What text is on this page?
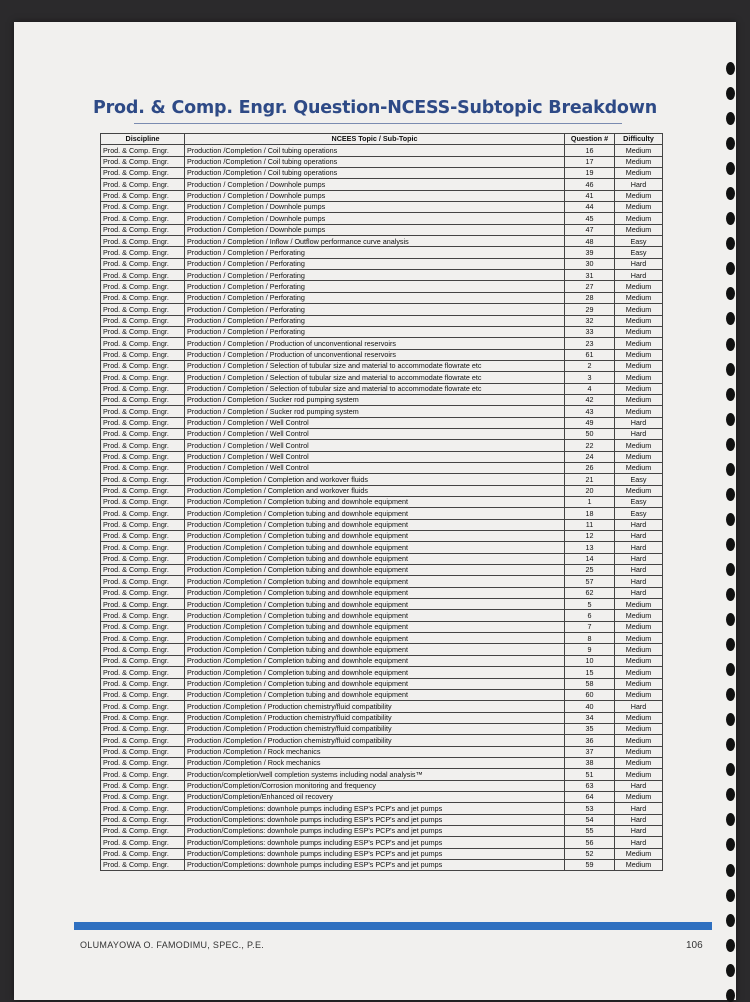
Prod. & Comp. Engr. Question-NCESS-Subtopic Breakdown
Discipline	NCEES Topic / Sub-Topic	Question #	Difficulty
Prod. & Comp. Engr.	Production /Completion / Coil tubing operations	16	Medium
Prod. & Comp. Engr.	Production /Completion / Coil tubing operations	17	Medium
Prod. & Comp. Engr.	Production /Completion / Coil tubing operations	19	Medium
Prod. & Comp. Engr.	Production / Completion / Downhole pumps	46	Hard
Prod. & Comp. Engr.	Production / Completion / Downhole pumps	41	Medium
Prod. & Comp. Engr.	Production / Completion / Downhole pumps	44	Medium
Prod. & Comp. Engr.	Production / Completion / Downhole pumps	45	Medium
Prod. & Comp. Engr.	Production / Completion / Downhole pumps	47	Medium
Prod. & Comp. Engr.	Production / Completion / Inflow / Outflow performance curve analysis	48	Easy
Prod. & Comp. Engr.	Production / Completion / Perforating	39	Easy
Prod. & Comp. Engr.	Production / Completion / Perforating	30	Hard
Prod. & Comp. Engr.	Production / Completion / Perforating	31	Hard
Prod. & Comp. Engr.	Production / Completion / Perforating	27	Medium
Prod. & Comp. Engr.	Production / Completion / Perforating	28	Medium
Prod. & Comp. Engr.	Production / Completion / Perforating	29	Medium
Prod. & Comp. Engr.	Production / Completion / Perforating	32	Medium
Prod. & Comp. Engr.	Production / Completion / Perforating	33	Medium
Prod. & Comp. Engr.	Production / Completion / Production of unconventional reservoirs	23	Medium
Prod. & Comp. Engr.	Production / Completion / Production of unconventional reservoirs	61	Medium
Prod. & Comp. Engr.	Production / Completion / Selection of tubular size and material to accommodate flowrate etc	2	Medium
Prod. & Comp. Engr.	Production / Completion / Selection of tubular size and material to accommodate flowrate etc	3	Medium
Prod. & Comp. Engr.	Production / Completion / Selection of tubular size and material to accommodate flowrate etc	4	Medium
Prod. & Comp. Engr.	Production / Completion / Sucker rod pumping system	42	Medium
Prod. & Comp. Engr.	Production / Completion / Sucker rod pumping system	43	Medium
Prod. & Comp. Engr.	Production / Completion / Well Control	49	Hard
Prod. & Comp. Engr.	Production / Completion / Well Control	50	Hard
Prod. & Comp. Engr.	Production / Completion / Well Control	22	Medium
Prod. & Comp. Engr.	Production / Completion / Well Control	24	Medium
Prod. & Comp. Engr.	Production / Completion / Well Control	26	Medium
Prod. & Comp. Engr.	Production /Completion / Completion and workover fluids	21	Easy
Prod. & Comp. Engr.	Production /Completion / Completion and workover fluids	20	Medium
Prod. & Comp. Engr.	Production /Completion / Completion tubing and downhole equipment	1	Easy
Prod. & Comp. Engr.	Production /Completion / Completion tubing and downhole equipment	18	Easy
Prod. & Comp. Engr.	Production /Completion / Completion tubing and downhole equipment	11	Hard
Prod. & Comp. Engr.	Production /Completion / Completion tubing and downhole equipment	12	Hard
Prod. & Comp. Engr.	Production /Completion / Completion tubing and downhole equipment	13	Hard
Prod. & Comp. Engr.	Production /Completion / Completion tubing and downhole equipment	14	Hard
Prod. & Comp. Engr.	Production /Completion / Completion tubing and downhole equipment	25	Hard
Prod. & Comp. Engr.	Production /Completion / Completion tubing and downhole equipment	57	Hard
Prod. & Comp. Engr.	Production /Completion / Completion tubing and downhole equipment	62	Hard
Prod. & Comp. Engr.	Production /Completion / Completion tubing and downhole equipment	5	Medium
Prod. & Comp. Engr.	Production /Completion / Completion tubing and downhole equipment	6	Medium
Prod. & Comp. Engr.	Production /Completion / Completion tubing and downhole equipment	7	Medium
Prod. & Comp. Engr.	Production /Completion / Completion tubing and downhole equipment	8	Medium
Prod. & Comp. Engr.	Production /Completion / Completion tubing and downhole equipment	9	Medium
Prod. & Comp. Engr.	Production /Completion / Completion tubing and downhole equipment	10	Medium
Prod. & Comp. Engr.	Production /Completion / Completion tubing and downhole equipment	15	Medium
Prod. & Comp. Engr.	Production /Completion / Completion tubing and downhole equipment	58	Medium
Prod. & Comp. Engr.	Production /Completion / Completion tubing and downhole equipment	60	Medium
Prod. & Comp. Engr.	Production /Completion / Production chemistry/fluid compatibility	40	Hard
Prod. & Comp. Engr.	Production /Completion / Production chemistry/fluid compatibility	34	Medium
Prod. & Comp. Engr.	Production /Completion / Production chemistry/fluid compatibility	35	Medium
Prod. & Comp. Engr.	Production /Completion / Production chemistry/fluid compatibility	36	Medium
Prod. & Comp. Engr.	Production /Completion / Rock mechanics	37	Medium
Prod. & Comp. Engr.	Production /Completion / Rock mechanics	38	Medium
Prod. & Comp. Engr.	Production/completion/well completion systems including nodal analysis™	51	Medium
Prod. & Comp. Engr.	Production/Completion/Corrosion monitoring and frequency	63	Hard
Prod. & Comp. Engr.	Production/Completion/Enhanced oil recovery	64	Medium
Prod. & Comp. Engr.	Production/Completions: downhole pumps including ESP's PCP's and jet pumps	53	Hard
Prod. & Comp. Engr.	Production/Completions: downhole pumps including ESP's PCP's and jet pumps	54	Hard
Prod. & Comp. Engr.	Production/Completions: downhole pumps including ESP's PCP's and jet pumps	55	Hard
Prod. & Comp. Engr.	Production/Completions: downhole pumps including ESP's PCP's and jet pumps	56	Hard
Prod. & Comp. Engr.	Production/Completions: downhole pumps including ESP's PCP's and jet pumps	52	Medium
Prod. & Comp. Engr.	Production/Completions: downhole pumps including ESP's PCP's and jet pumps	59	Medium
OLUMAYOWA O. FAMODIMU, SPEC., P.E.	106
